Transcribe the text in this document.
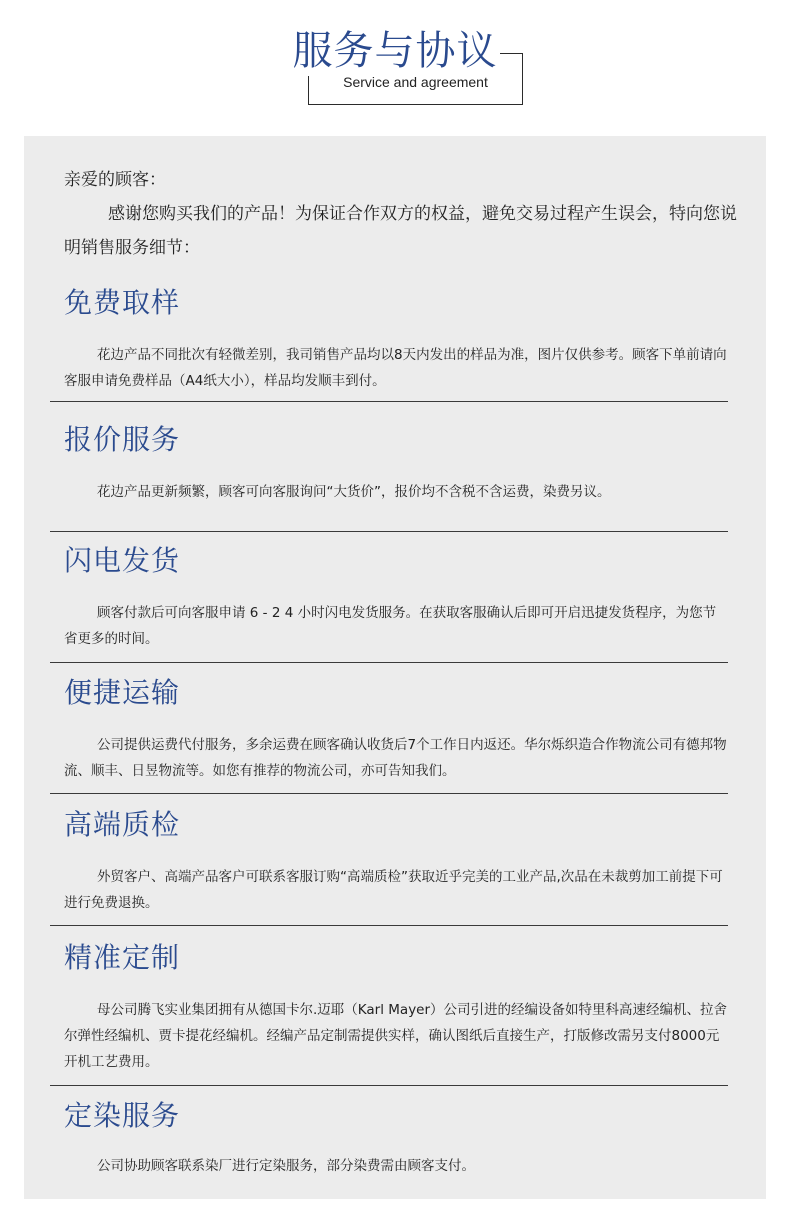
服务与协议
Service and agreement
亲爱的顾客：
感谢您购买我们的产品！为保证合作双方的权益，避免交易过程产生误会，特向您说明销售服务细节：
免费取样
花边产品不同批次有轻微差别，我司销售产品均以8天内发出的样品为准，图片仅供参考。顾客下单前请向客服申请免费样品（A4纸大小），样品均发顺丰到付。
报价服务
花边产品更新频繁，顾客可向客服询问“大货价”，报价均不含税不含运费，染费另议。
闪电发货
顾客付款后可向客服申请 6 - 2 4 小时闪电发货服务。在获取客服确认后即可开启迅捷发货程序，为您节省更多的时间。
便捷运输
公司提供运费代付服务，多余运费在顾客确认收货后7个工作日内返还。华尔烁织造合作物流公司有德邦物流、顺丰、日昱物流等。如您有推荐的物流公司，亦可告知我们。
高端质检
外贸客户、高端产品客户可联系客服订购“高端质检”获取近乎完美的工业产品,次品在未裁剪加工前提下可进行免费退换。
精准定制
母公司腾飞实业集团拥有从德国卡尔.迈耶（Karl Mayer）公司引进的经编设备如特里科高速经编机、拉舍尔弹性经编机、贾卡提花经编机。经编产品定制需提供实样，确认图纸后直接生产，打版修改需另支付8000元开机工艺费用。
定染服务
公司协助顾客联系染厂进行定染服务，部分染费需由顾客支付。
